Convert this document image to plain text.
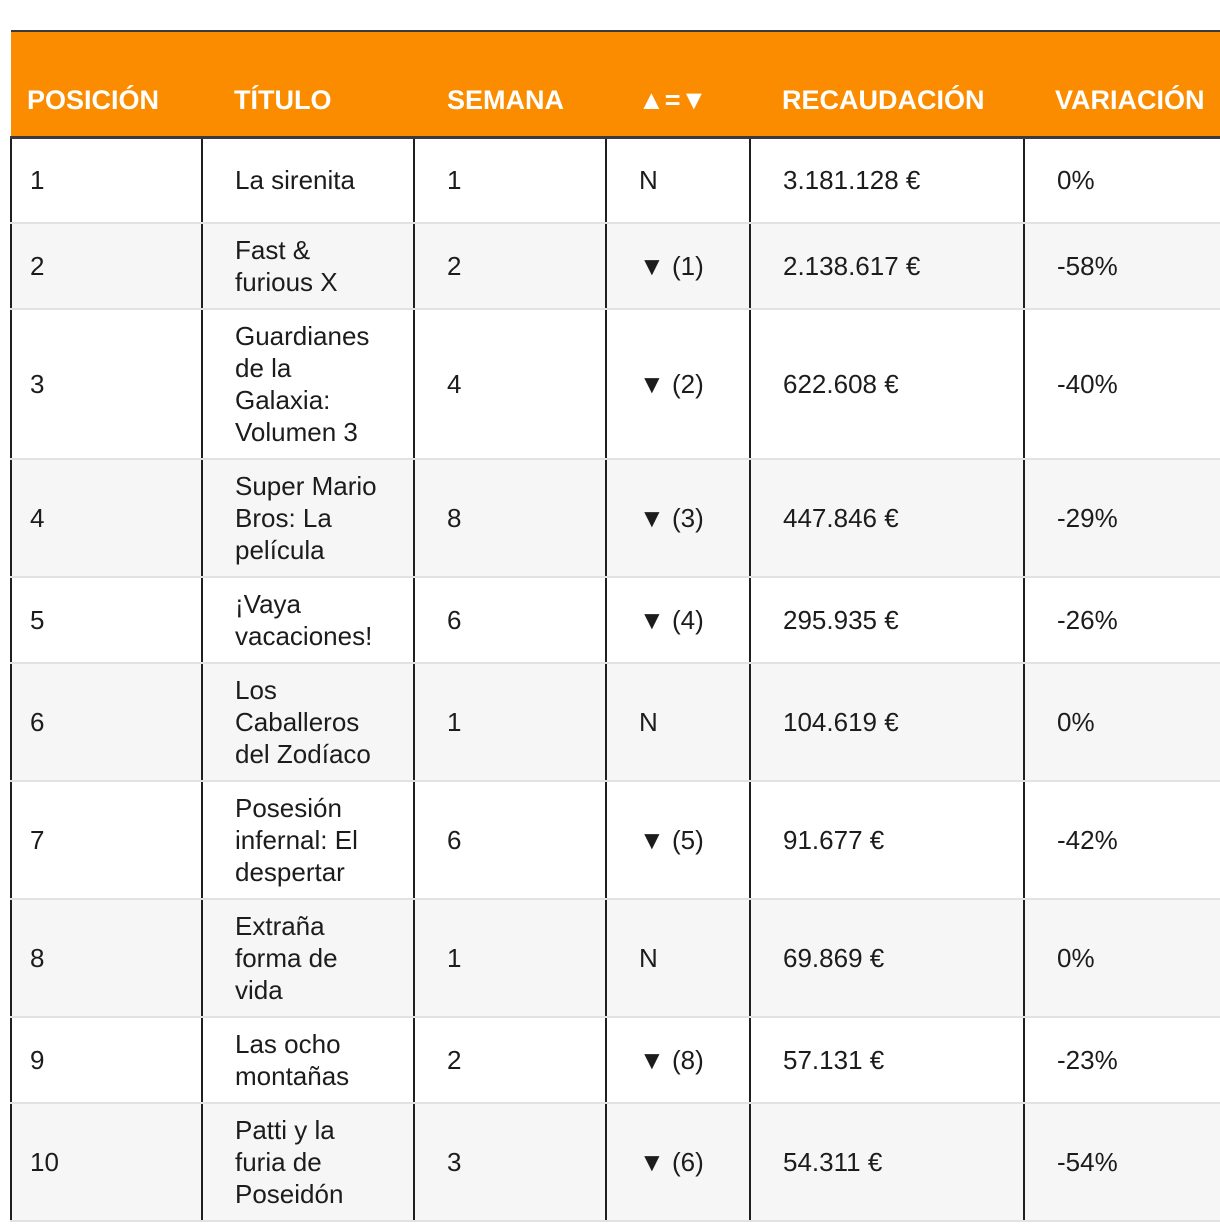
POSICIÓN	TÍTULO	SEMANA	▲=▼	RECAUDACIÓN	VARIACIÓN
1	La sirenita	1	N	3.181.128 €	0%
2	Fast & furious X	2	▼ (1)	2.138.617 €	-58%
3	Guardianes de la Galaxia: Volumen 3	4	▼ (2)	622.608 €	-40%
4	Super Mario Bros: La película	8	▼ (3)	447.846 €	-29%
5	¡Vaya vacaciones!	6	▼ (4)	295.935 €	-26%
6	Los Caballeros del Zodíaco	1	N	104.619 €	0%
7	Posesión infernal: El despertar	6	▼ (5)	91.677 €	-42%
8	Extraña forma de vida	1	N	69.869 €	0%
9	Las ocho montañas	2	▼ (8)	57.131 €	-23%
10	Patti y la furia de Poseidón	3	▼ (6)	54.311 €	-54%
